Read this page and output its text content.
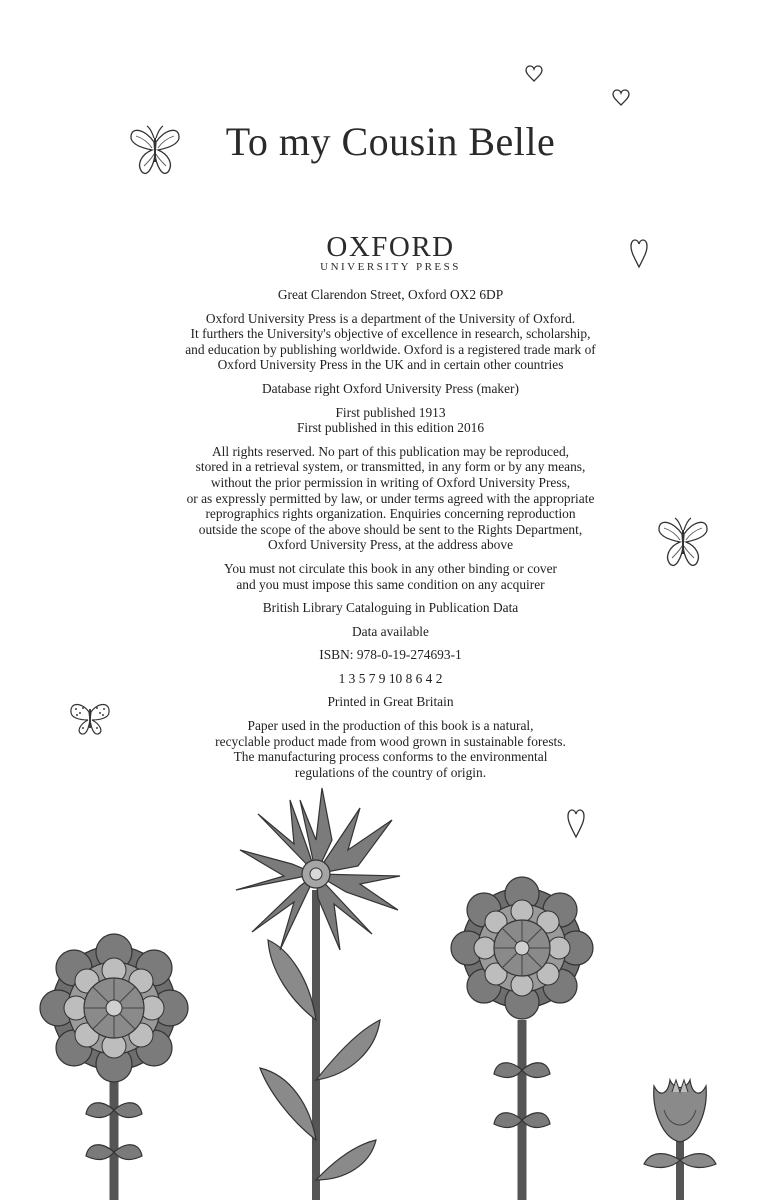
To my Cousin Belle
OXFORD
UNIVERSITY PRESS

Great Clarendon Street, Oxford OX2 6DP

Oxford University Press is a department of the University of Oxford.
It furthers the University's objective of excellence in research, scholarship,
and education by publishing worldwide. Oxford is a registered trade mark of
Oxford University Press in the UK and in certain other countries

Database right Oxford University Press (maker)

First published 1913
First published in this edition 2016

All rights reserved. No part of this publication may be reproduced,
stored in a retrieval system, or transmitted, in any form or by any means,
without the prior permission in writing of Oxford University Press,
or as expressly permitted by law, or under terms agreed with the appropriate
reprographics rights organization. Enquiries concerning reproduction
outside the scope of the above should be sent to the Rights Department,
Oxford University Press, at the address above

You must not circulate this book in any other binding or cover
and you must impose this same condition on any acquirer

British Library Cataloguing in Publication Data

Data available

ISBN: 978-0-19-274693-1

1 3 5 7 9 10 8 6 4 2

Printed in Great Britain

Paper used in the production of this book is a natural,
recyclable product made from wood grown in sustainable forests.
The manufacturing process conforms to the environmental
regulations of the country of origin.
